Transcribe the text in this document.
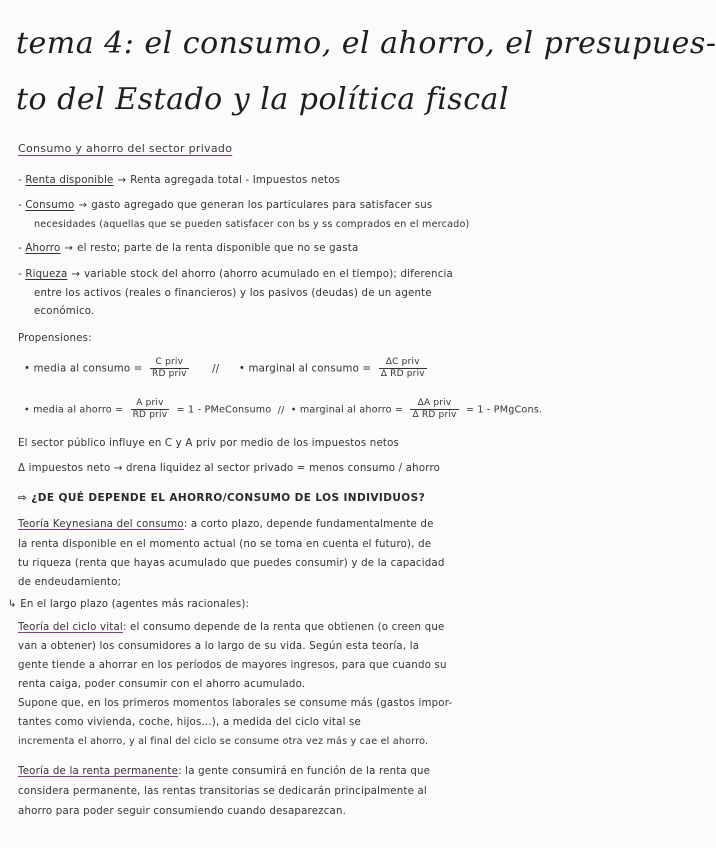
tema 4: el consumo, el ahorro, el presupues-
to del Estado y la política fiscal
Consumo y ahorro del sector privado
- Renta disponible → Renta agregada total - Impuestos netos
- Consumo → gasto agregado que generan los particulares para satisfacer sus
necesidades (aquellas que se pueden satisfacer con bs y ss comprados en el mercado)
- Ahorro → el resto; parte de la renta disponible que no se gasta
- Riqueza → variable stock del ahorro (ahorro acumulado en el tiempo); diferencia
entre los activos (reales o financieros) y los pasivos (deudas) de un agente
económico.
Propensiones:
• media al consumo = $\frac{\text{C priv}}{\text{RD priv}}$ // • marginal al consumo = $\frac{\text{ΔC priv}}{\text{Δ RD priv}}$
• media al ahorro = $\frac{\text{A priv}}{\text{RD priv}} = 1$ - PMeConsumo // • marginal al ahorro = $\frac{\text{ΔA priv}}{\text{Δ RD priv}} = 1$ - PMgCons.
El sector público influye en C y A priv por medio de los impuestos netos
Δ impuestos neto → drena liquidez al sector privado = menos consumo / ahorro
⇨ ¿DE QUÉ DEPENDE EL AHORRO/CONSUMO DE LOS INDIVIDUOS?
Teoría Keynesiana del consumo: a corto plazo, depende fundamentalmente de
la renta disponible en el momento actual (no se toma en cuenta el futuro), de
tu riqueza (renta que hayas acumulado que puedes consumir) y de la capacidad
de endeudamiento;
↳ En el largo plazo (agentes más racionales):
Teoría del ciclo vital: el consumo depende de la renta que obtienen (o creen que
van a obtener) los consumidores a lo largo de su vida. Según esta teoría, la
gente tiende a ahorrar en los períodos de mayores ingresos, para que cuando su
renta caiga, poder consumir con el ahorro acumulado.
Supone que, en los primeros momentos laborales se consume más (gastos impor-
tantes como vivienda, coche, hijos...), a medida del ciclo vital se
incrementa el ahorro, y al final del ciclo se consume otra vez más y cae el ahorro.
Teoría de la renta permanente: la gente consumirá en función de la renta que
considera permanente, las rentas transitorias se dedicarán principalmente al
ahorro para poder seguir consumiendo cuando desaparezcan.
